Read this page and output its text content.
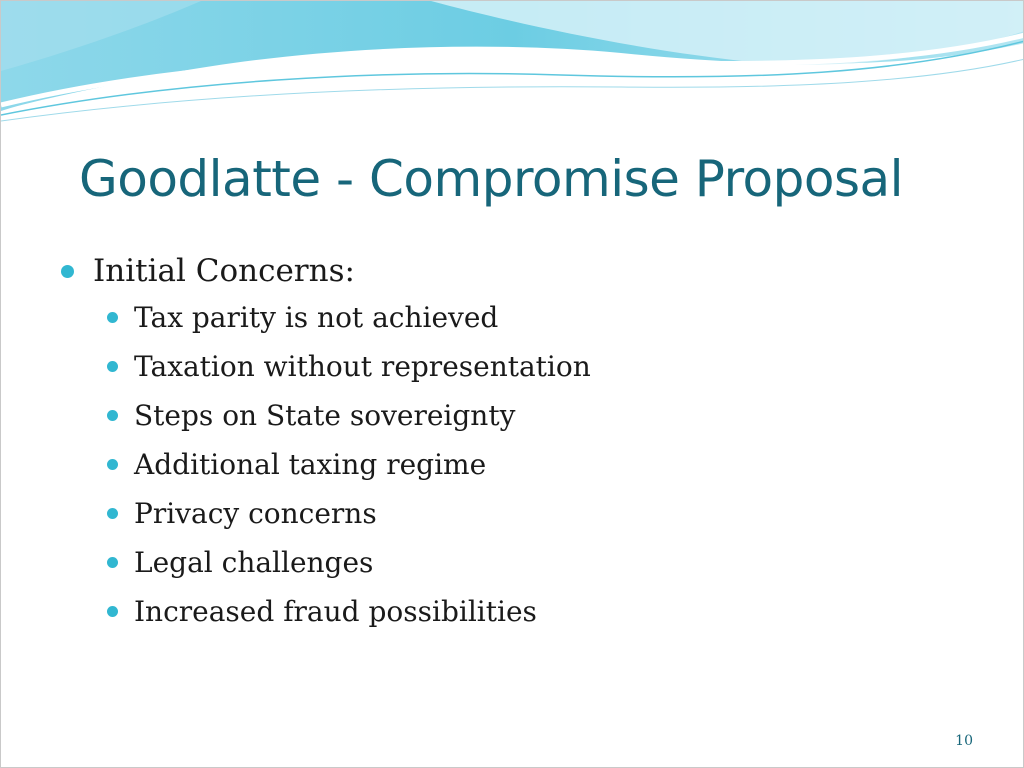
Goodlatte - Compromise Proposal
Initial Concerns:
Tax parity is not achieved
Taxation without representation
Steps on State sovereignty
Additional taxing regime
Privacy concerns
Legal challenges
Increased fraud possibilities
10
